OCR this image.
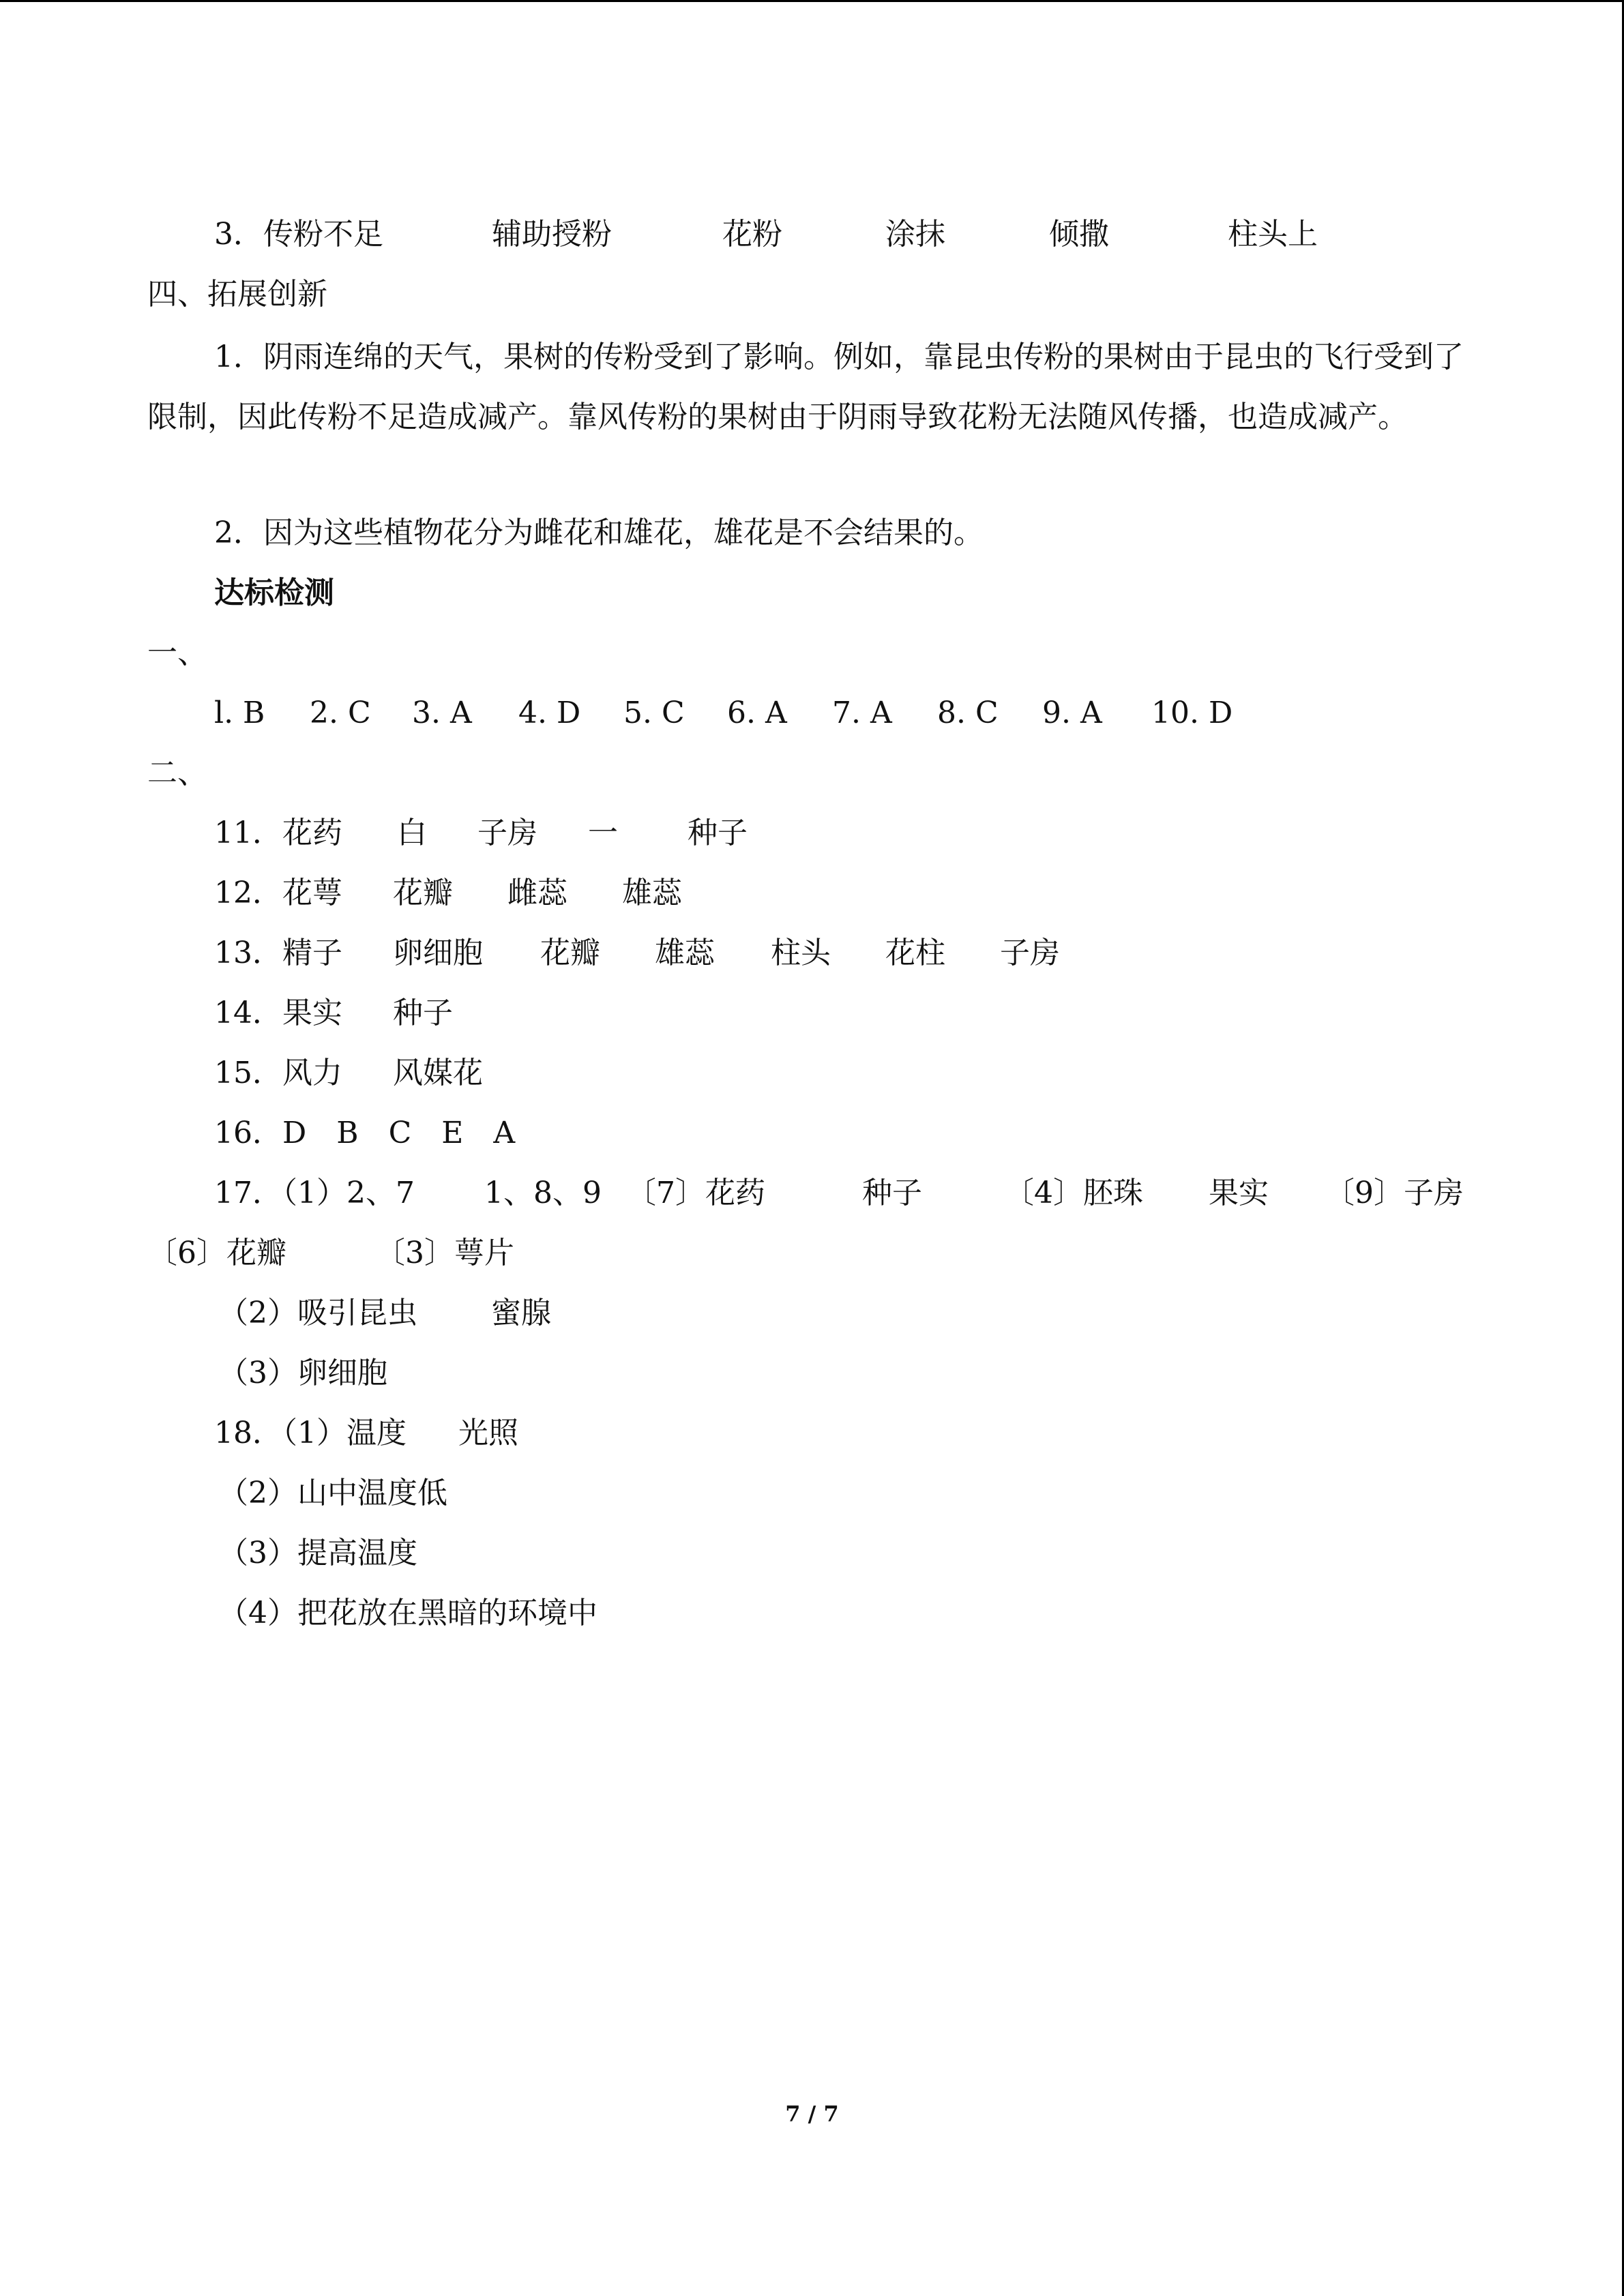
3．传粉不足	辅助授粉	花粉	涂抹	倾撒	柱头上
四、拓展创新
1．阴雨连绵的天气，果树的传粉受到了影响。例如，靠昆虫传粉的果树由于昆虫的飞行受到了限制，因此传粉不足造成减产。靠风传粉的果树由于阴雨导致花粉无法随风传播，也造成减产。
2．因为这些植物花分为雌花和雄花，雄花是不会结果的。
达标检测
一、
l. B 2. C 3. A 4. D 5. C 6. A 7. A 8. C 9. A 10. D
二、
11．花药 白 子房 一 种子
12．花萼 花瓣 雌蕊 雄蕊
13．精子 卵细胞 花瓣 雄蕊 柱头 花柱 子房
14．果实 种子
15．风力 风媒花
16．D　B　C　E　A
17．（1）2、7 1、8、9 〔7〕花药	种子	〔4〕胚珠 果实 〔9〕子房
〔6〕花瓣	〔3〕萼片
（2）吸引昆虫 蜜腺
（3）卵细胞
18．（1）温度 光照
（2）山中温度低
（3）提高温度
（4）把花放在黑暗的环境中
7 / 7
